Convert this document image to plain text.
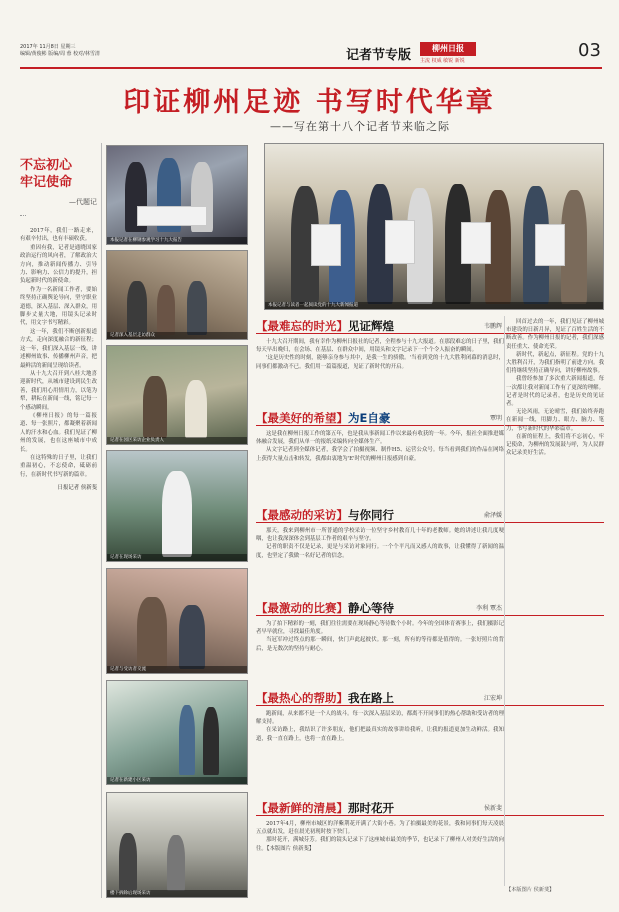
2017年 11月8日 星期三
编辑/黄俊彬 版编/周 蓉 校对/林雪清	记者节专版	柳州日报
主流 权威 敏锐 新锐	03
印证柳州足迹 书写时代华章
——写在第十八个记者节来临之际
不忘初心
牢记使命
—代题记

2017年，我们一路走来，有艰辛付出，也有丰硕收获。

重因有我，记者是通晓国家政治运行的风向者，了解政治大方向，推动新闻传播力、引导力、影响力、公信力的提升，担负起新时代的新使命。

作为一名新闻工作者，要始终坚持正确舆论导向，坚守职业道德，深入基层、深入群众，用脚步丈量大地，用镜头记录时代，用文字书写精彩。

这一年，我们不断创新报道方式，走向深度融合的新征程；这一年，我们深入基层一线，讲述柳州故事、传播柳州声音，把最鲜活的新闻呈现给读者。

从十九大召开到八桂大地喜迎新时代，从城市建设到民生改善，我们用心用情用力，以笔为犁，耕耘在新闻一线，铭记每一个感动瞬间。

《柳州日报》的每一篇报道、每一张照片，都凝聚着新闻人的汗水和心血。我们见证了柳州的发展，也在这座城市中成长。

在这特殊的日子里，让我们重温初心，不忘使命，砥砺前行，在新时代书写新的篇章。

日报记者 侯新斐
本报记者在柳钢参观学习十九大报告
记者深入基层走访群众
记者在园区采访企业负责人
记者在现场采访
记者与受访者交流
记者在新建小区采访
楼下拆除后现场采访
本报记者与读者一起阅读党的十九大新闻报道
【最难忘的时光】见证辉煌	韦鹏辉

十九大召开期间，我有幸作为柳州日报社的记者，全程参与十九大报道。在那段难忘的日子里，我们每天早出晚归，在会场、在基层、在群众中间，用镜头和文字记录下一个个令人振奋的瞬间。

'这是历史性的时刻，能够亲身参与其中，是我一生的骄傲。'当看到党的十九大胜利闭幕的消息时，同事们都激动不已。我们用一篇篇报道，见证了新时代的开启。

【最美好的希望】为E自豪	覃明

这是我在柳州日报工作的第五年，也是我从事新闻工作以来最有收获的一年。今年，报社全面推进媒体融合发展，我们从单一的报纸采编转向全媒体生产。

从文字记者到全媒体记者，我学会了拍摄视频、制作H5、运营公众号。每当看到我们的作品在网络上获得大量点击和转发，我都由衷地为'E'时代的柳州日报感到自豪。

【最感动的采访】与你同行	俞泽媛

那天，我来到柳州市一所普通的学校采访一位坚守乡村教育几十年的老教师。她的讲述让我几度哽咽，也让我深深体会到基层工作者的艰辛与坚守。

记者的职责不仅是记录，更是与采访对象同行。一个个平凡而又感人的故事，让我懂得了新闻的温度，也坚定了我做一名好记者的信念。

【最激动的比赛】静心等待	李利 覃杰

为了拍下精彩的一刻，我们往往需要在现场静心等待数个小时。今年的全国体育赛事上，我们摄影记者早早就位，寻找最佳角度。

当冠军冲过终点的那一瞬间，快门声此起彼伏。那一刻，所有的等待都是值得的。一张好照片的背后，是无数次的坚持与耐心。

【最热心的帮助】我在路上	江宏坤

跑新闻，从来都不是一个人的战斗。每一次深入基层采访，都离不开同事们的热心帮助和受访者的理解支持。

在采访路上，我结识了许多朋友，他们把最真实的故事讲给我听，让我的报道更加生动鲜活。我知道，我一直在路上，也将一直在路上。

【最新鲜的清晨】那时花开	侯新斐

2017年4月，柳州市城区的洋紫荆花开满了大街小巷。为了拍摄最美的花景，我和同事们每天凌晨五点就出发，赶在晨光初现时按下快门。

那时花开，满城芬芳。我们的镜头记录下了这座城市最美的季节，也记录下了柳州人对美好生活的向往。【本版图片 侯新斐】

回首过去的一年，我们见证了柳州城市建设的日新月异，见证了百姓生活的不断改善。作为柳州日报的记者，我们深感责任重大、使命光荣。

新时代，新起点，新征程。党的十九大胜利召开，为我们指明了前进方向。我们将继续坚持正确导向，讲好柳州故事。

我曾经参加了多次重大新闻报道，每一次都让我对新闻工作有了更深的理解。记者是时代的记录者，也是历史的见证者。

无论风雨，无论晴雪，我们始终奔跑在新闻一线，用脚力、眼力、脑力、笔力，书写新时代的华彩篇章。

在新的征程上，我们将不忘初心，牢记使命，为柳州的发展鼓与呼，为人民群众记录美好生活。

【本版图片 侯新斐】
